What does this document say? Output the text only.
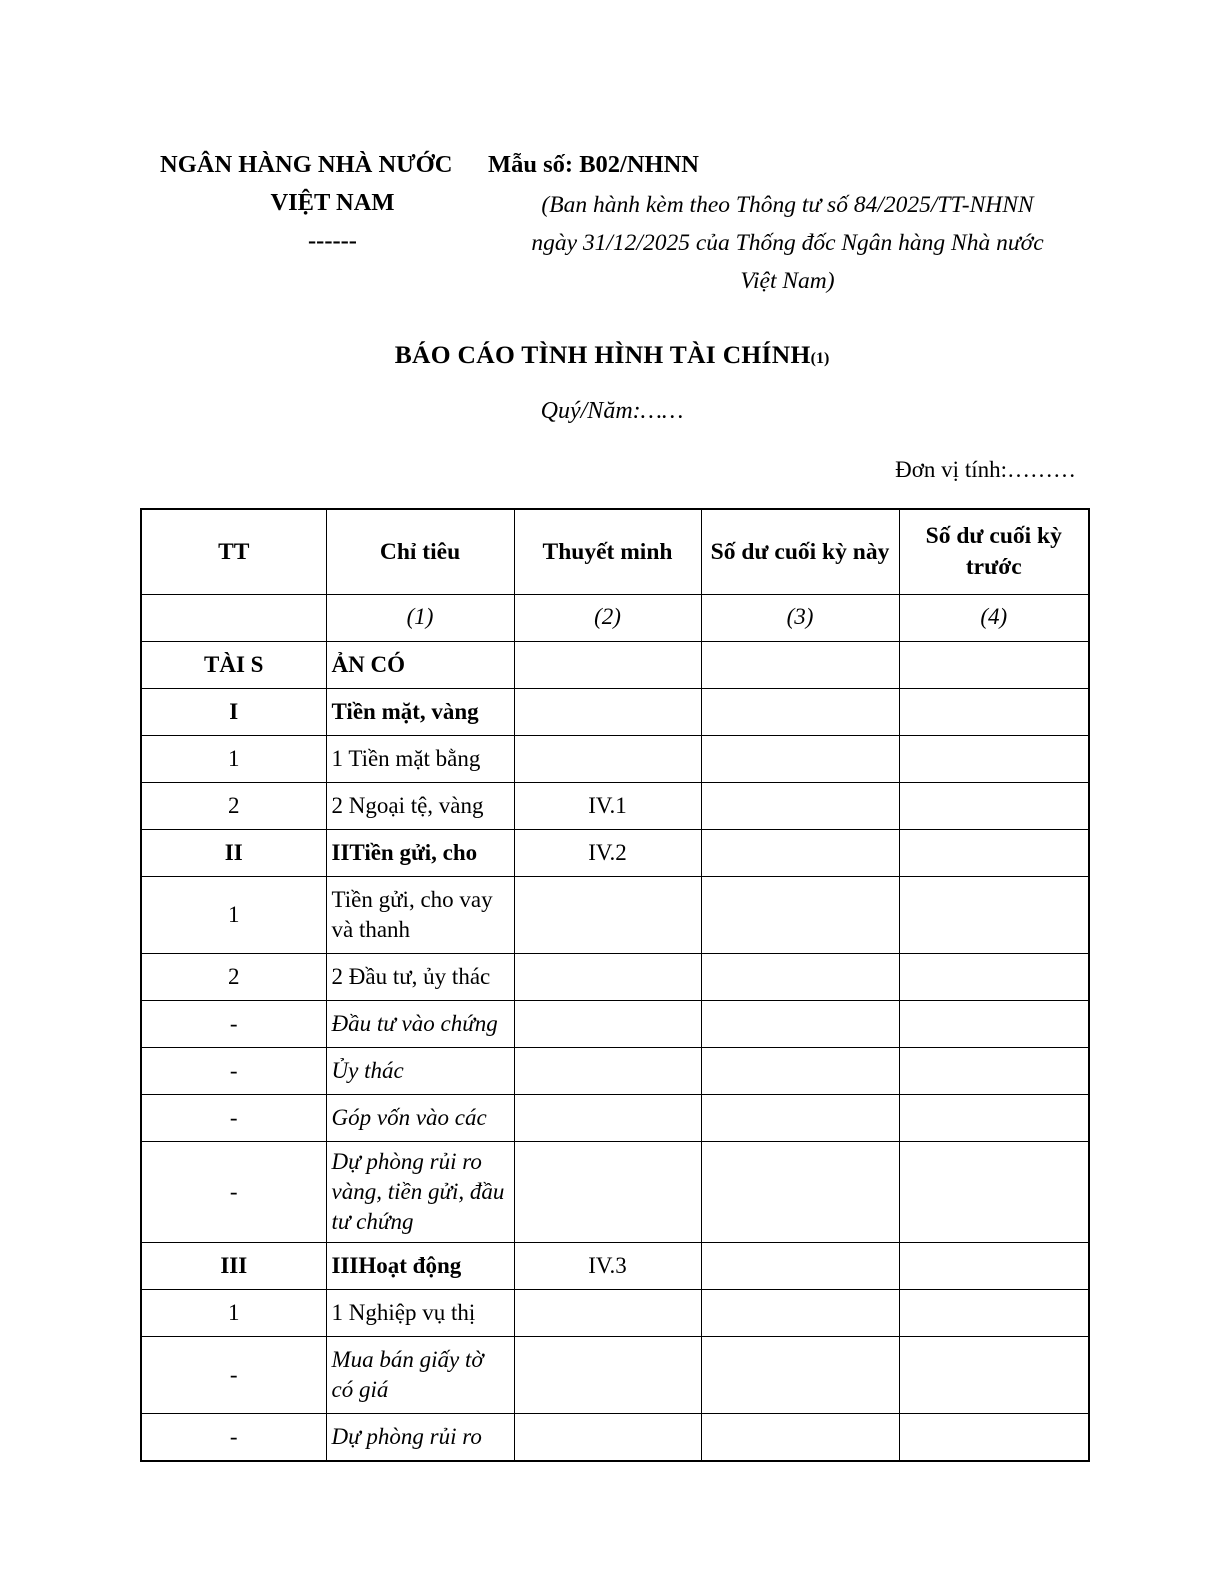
NGÂN HÀNG NHÀ NƯỚC Mẫu số: B02/NHNN
VIỆT NAM
------
(Ban hành kèm theo Thông tư số 84/2025/TT-NHNN
ngày 31/12/2025 của Thống đốc Ngân hàng Nhà nước
Việt Nam)
BÁO CÁO TÌNH HÌNH TÀI CHÍNH(1)
Quý/Năm:……
Đơn vị tính:………
TT	Chỉ tiêu	Thuyết minh	Số dư cuối kỳ này	Số dư cuối kỳ trước

	(1)	(2)	(3)	(4)

TÀI S	ẢN CÓ			

I	Tiền mặt, vàng			

1	1 Tiền mặt bằng			

2	2 Ngoại tệ, vàng	IV.1		

II	IITiền gửi, cho	IV.2		

1	Tiền gửi, cho vay và thanh			

2	2 Đầu tư, ủy thác			

-	Đầu tư vào chứng			

-	Ủy thác			

-	Góp vốn vào các			

-	Dự phòng rủi ro vàng, tiền gửi, đầu tư chứng			

III	IIIHoạt động	IV.3		

1	1 Nghiệp vụ thị			

-	Mua bán giấy tờ có giá			

-	Dự phòng rủi ro			
